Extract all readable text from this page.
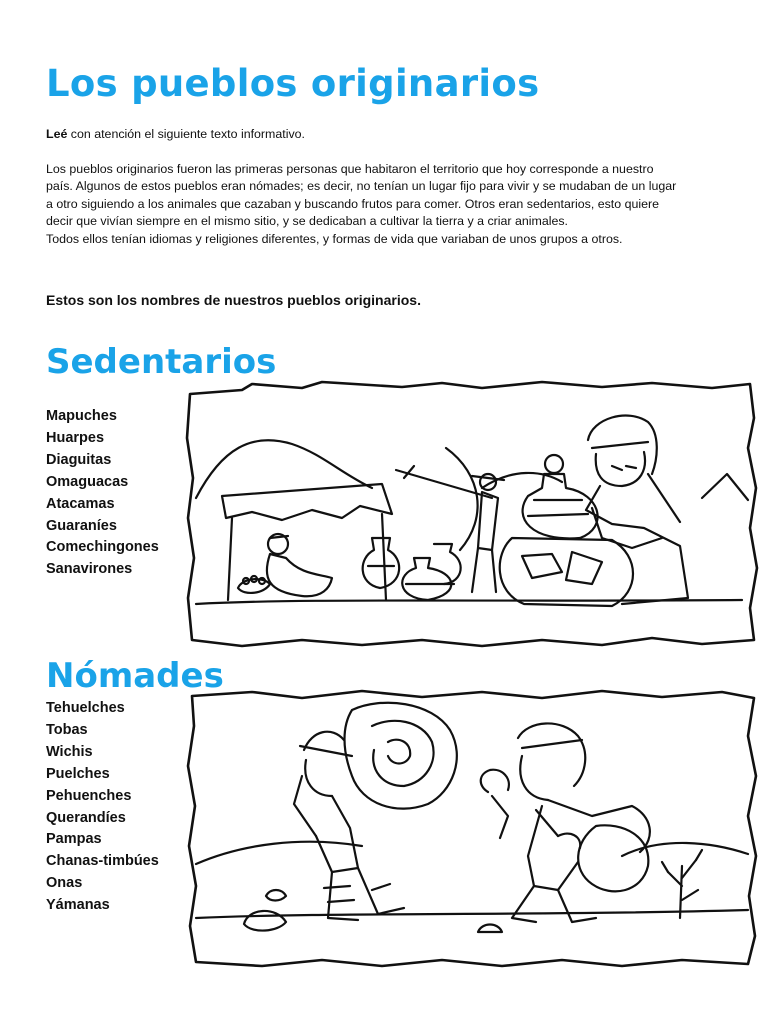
Los pueblos originarios

Leé con atención el siguiente texto informativo.

Los pueblos originarios fueron las primeras personas que habitaron el territorio que hoy corresponde a nuestro
país. Algunos de estos pueblos eran nómades; es decir, no tenían un lugar fijo para vivir y se mudaban de un lugar
a otro siguiendo a los animales que cazaban y buscando frutos para comer. Otros eran sedentarios, esto quiere
decir que vivían siempre en el mismo sitio, y se dedicaban a cultivar la tierra y a criar animales.
Todos ellos tenían idiomas y religiones diferentes, y formas de vida que variaban de unos grupos a otros.

Estos son los nombres de nuestros pueblos originarios.

Sedentarios
Mapuches
Huarpes
Diaguitas
Omaguacas
Atacamas
Guaraníes
Comechingones
Sanavirones
Nómades
Tehuelches
Tobas
Wichis
Puelches
Pehuenches
Querandíes
Pampas
Chanas-timbúes
Onas
Yámanas
